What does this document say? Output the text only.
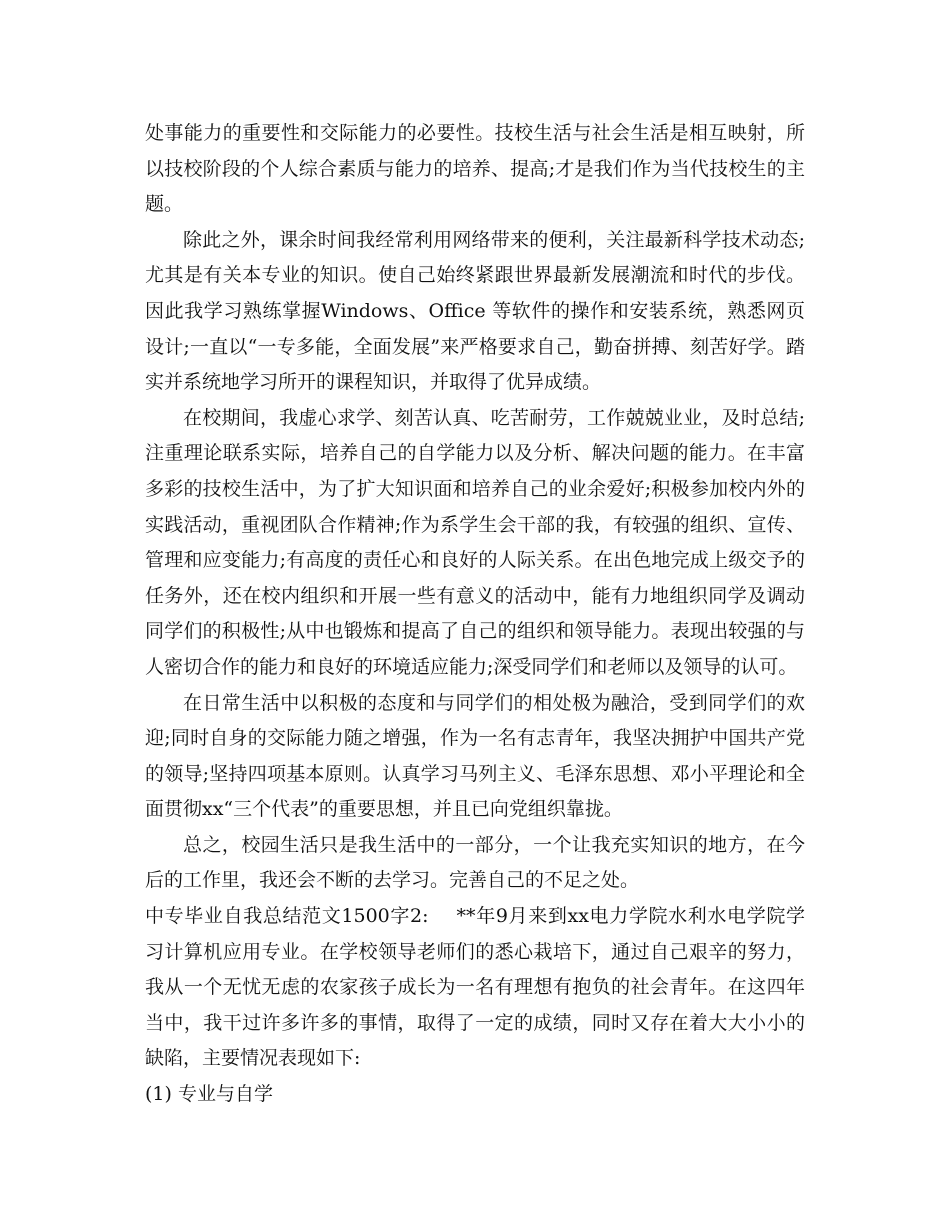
处事能力的重要性和交际能力的必要性。技校生活与社会生活是相互映射，所以技校阶段的个人综合素质与能力的培养、提高;才是我们作为当代技校生的主题。

除此之外，课余时间我经常利用网络带来的便利，关注最新科学技术动态;尤其是有关本专业的知识。使自己始终紧跟世界最新发展潮流和时代的步伐。因此我学习熟练掌握Windows、Office 等软件的操作和安装系统，熟悉网页设计;一直以“一专多能，全面发展”来严格要求自己，勤奋拼搏、刻苦好学。踏实并系统地学习所开的课程知识，并取得了优异成绩。

在校期间，我虚心求学、刻苦认真、吃苦耐劳，工作兢兢业业，及时总结;注重理论联系实际，培养自己的自学能力以及分析、解决问题的能力。在丰富多彩的技校生活中，为了扩大知识面和培养自己的业余爱好;积极参加校内外的实践活动，重视团队合作精神;作为系学生会干部的我，有较强的组织、宣传、管理和应变能力;有高度的责任心和良好的人际关系。在出色地完成上级交予的任务外，还在校内组织和开展一些有意义的活动中，能有力地组织同学及调动同学们的积极性;从中也锻炼和提高了自己的组织和领导能力。表现出较强的与人密切合作的能力和良好的环境适应能力;深受同学们和老师以及领导的认可。

在日常生活中以积极的态度和与同学们的相处极为融洽，受到同学们的欢迎;同时自身的交际能力随之增强，作为一名有志青年，我坚决拥护中国共产党的领导;坚持四项基本原则。认真学习马列主义、毛泽东思想、邓小平理论和全面贯彻xx“三个代表”的重要思想，并且已向党组织靠拢。

总之，校园生活只是我生活中的一部分，一个让我充实知识的地方，在今后的工作里，我还会不断的去学习。完善自己的不足之处。

中专毕业自我总结范文1500字2: **年9月来到xx电力学院水利水电学院学习计算机应用专业。在学校领导老师们的悉心栽培下，通过自己艰辛的努力，我从一个无忧无虑的农家孩子成长为一名有理想有抱负的社会青年。在这四年当中，我干过许多许多的事情，取得了一定的成绩，同时又存在着大大小小的缺陷，主要情况表现如下:

(1) 专业与自学
